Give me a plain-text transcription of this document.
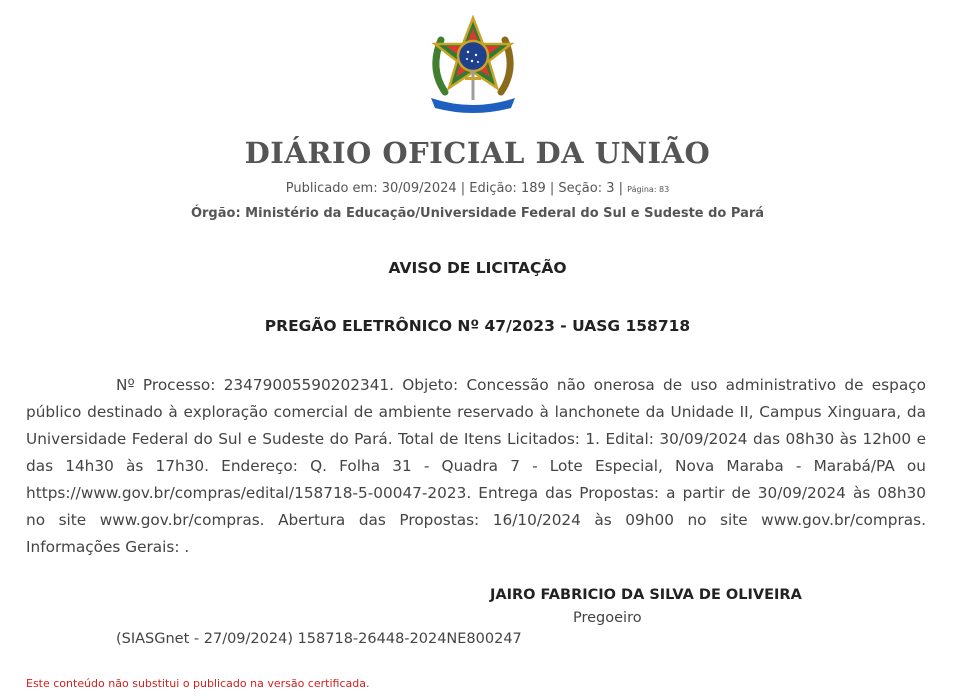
DIÁRIO OFICIAL DA UNIÃO
Publicado em: 30/09/2024 | Edição: 189 | Seção: 3 | Página: 83
Órgão: Ministério da Educação/Universidade Federal do Sul e Sudeste do Pará
AVISO DE LICITAÇÃO
PREGÃO ELETRÔNICO Nº 47/2023 - UASG 158718

Nº Processo: 23479005590202341. Objeto: Concessão não onerosa de uso administrativo de espaço público destinado à exploração comercial de ambiente reservado à lanchonete da Unidade II, Campus Xinguara, da Universidade Federal do Sul e Sudeste do Pará. Total de Itens Licitados: 1. Edital: 30/09/2024 das 08h30 às 12h00 e das 14h30 às 17h30. Endereço: Q. Folha 31 - Quadra 7 - Lote Especial, Nova Maraba - Marabá/PA ou https://www.gov.br/compras/edital/158718-5-00047-2023. Entrega das Propostas: a partir de 30/09/2024 às 08h30 no site www.gov.br/compras. Abertura das Propostas: 16/10/2024 às 09h00 no site www.gov.br/compras. Informações Gerais: .

JAIRO FABRICIO DA SILVA DE OLIVEIRA
Pregoeiro
(SIASGnet - 27/09/2024) 158718-26448-2024NE800247
Este conteúdo não substitui o publicado na versão certificada.
